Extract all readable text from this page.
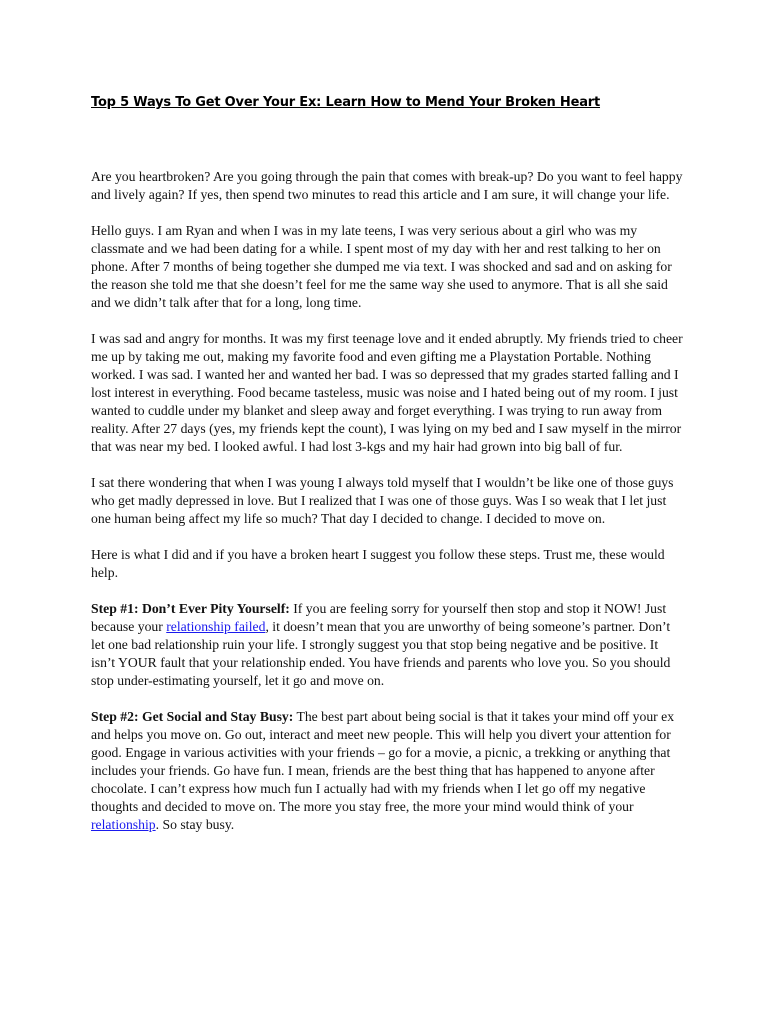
Top 5 Ways To Get Over Your Ex: Learn How to Mend Your Broken Heart

Are you heartbroken? Are you going through the pain that comes with break-up? Do you want to feel happy and lively again? If yes, then spend two minutes to read this article and I am sure, it will change your life.

Hello guys. I am Ryan and when I was in my late teens, I was very serious about a girl who was my classmate and we had been dating for a while. I spent most of my day with her and rest talking to her on phone. After 7 months of being together she dumped me via text. I was shocked and sad and on asking for the reason she told me that she doesn’t feel for me the same way she used to anymore. That is all she said and we didn’t talk after that for a long, long time.

I was sad and angry for months. It was my first teenage love and it ended abruptly. My friends tried to cheer me up by taking me out, making my favorite food and even gifting me a Playstation Portable. Nothing worked. I was sad. I wanted her and wanted her bad. I was so depressed that my grades started falling and I lost interest in everything. Food became tasteless, music was noise and I hated being out of my room. I just wanted to cuddle under my blanket and sleep away and forget everything. I was trying to run away from reality. After 27 days (yes, my friends kept the count), I was lying on my bed and I saw myself in the mirror that was near my bed. I looked awful. I had lost 3-kgs and my hair had grown into big ball of fur.

I sat there wondering that when I was young I always told myself that I wouldn’t be like one of those guys who get madly depressed in love. But I realized that I was one of those guys. Was I so weak that I let just one human being affect my life so much? That day I decided to change. I decided to move on.

Here is what I did and if you have a broken heart I suggest you follow these steps. Trust me, these would help.

Step #1: Don’t Ever Pity Yourself: If you are feeling sorry for yourself then stop and stop it NOW! Just because your relationship failed, it doesn’t mean that you are unworthy of being someone’s partner. Don’t let one bad relationship ruin your life. I strongly suggest you that stop being negative and be positive. It isn’t YOUR fault that your relationship ended. You have friends and parents who love you. So you should stop under-estimating yourself, let it go and move on.

Step #2: Get Social and Stay Busy: The best part about being social is that it takes your mind off your ex and helps you move on. Go out, interact and meet new people. This will help you divert your attention for good. Engage in various activities with your friends – go for a movie, a picnic, a trekking or anything that includes your friends. Go have fun. I mean, friends are the best thing that has happened to anyone after chocolate. I can’t express how much fun I actually had with my friends when I let go off my negative thoughts and decided to move on. The more you stay free, the more your mind would think of your relationship. So stay busy.
